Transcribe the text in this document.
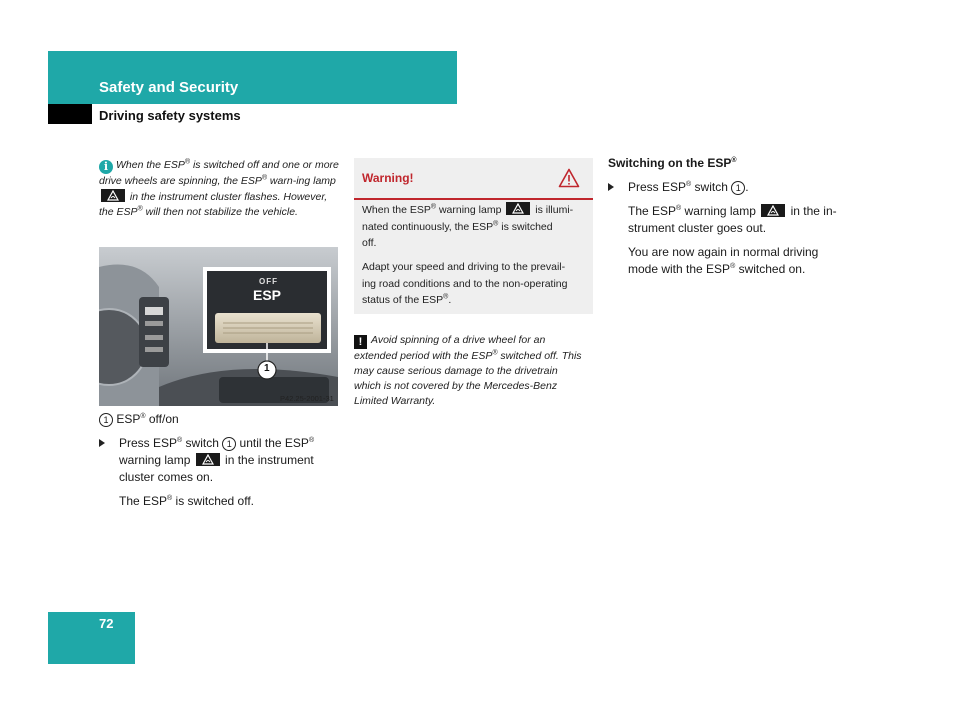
Safety and Security
Driving safety systems
i When the ESP® is switched off and one or more drive wheels are spinning, the ESP® warn-ing lamp
in the instrument cluster flashes. However, the ESP® will then not stabilize the vehicle.
OFF
ESP
1
P42.25-2001-31
1 ESP® off/on
Press ESP® switch 1 until the ESP®
warning lamp	in the instrument
cluster comes on.
The ESP® is switched off.
Warning!
When the ESP® warning lamp	is illumi-
nated continuously, the ESP® is switched
off.
Adapt your speed and driving to the prevail-
ing road conditions and to the non-operating
status of the ESP®.
! Avoid spinning of a drive wheel for an
extended period with the ESP® switched off. This
may cause serious damage to the drivetrain
which is not covered by the Mercedes-Benz
Limited Warranty.
Switching on the ESP®
Press ESP® switch 1 .
The ESP® warning lamp	in the in-
strument cluster goes out.
You are now again in normal driving
mode with the ESP® switched on.
72
